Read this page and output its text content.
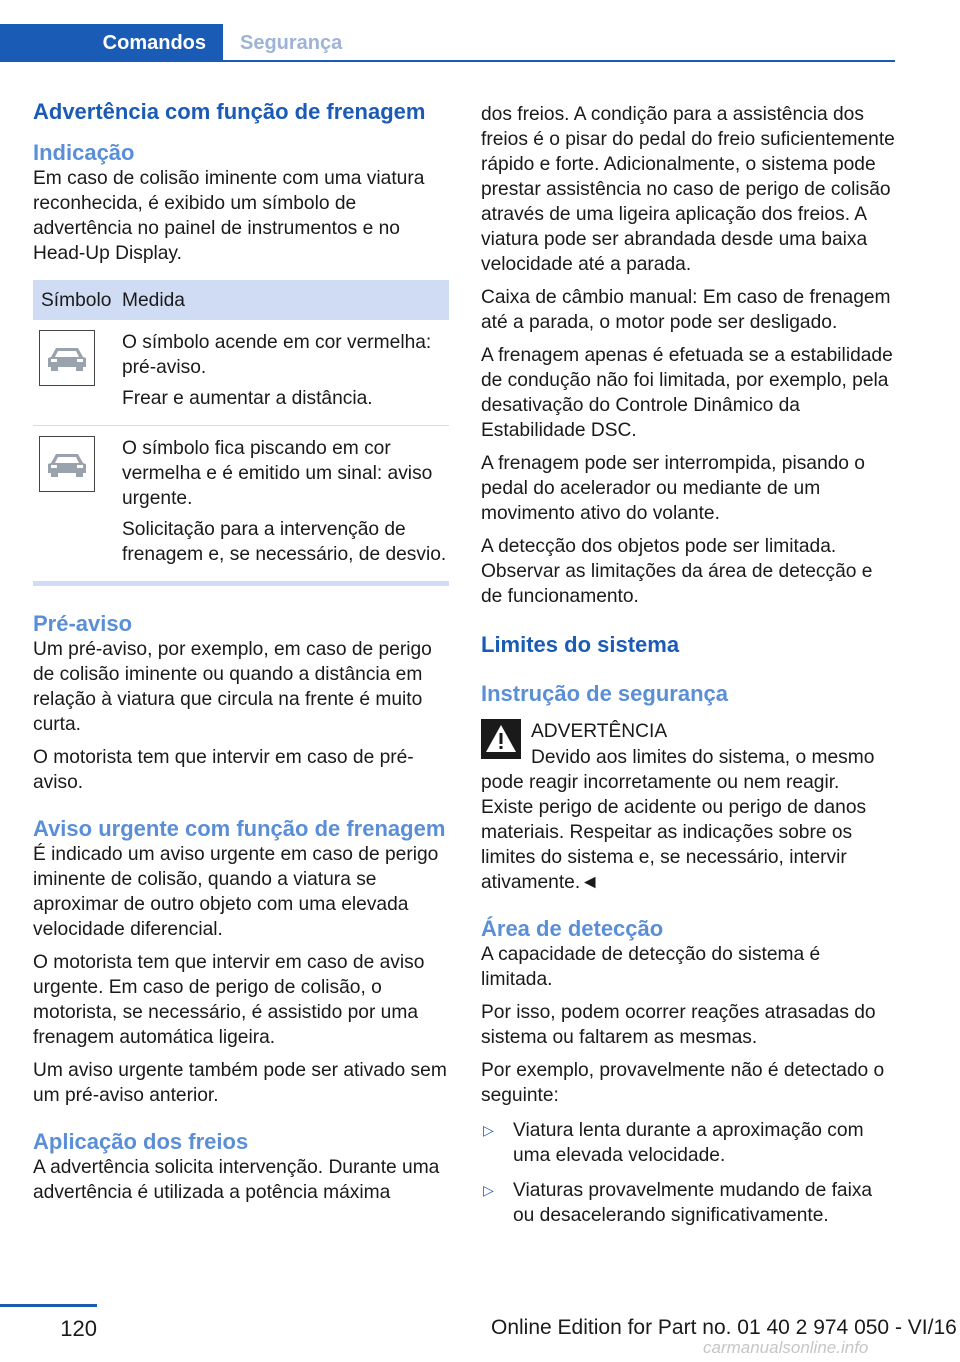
Comandos Segurança
Advertência com função de frenagem
Indicação
Em caso de colisão iminente com uma viatura reconhecida, é exibido um símbolo de advertência no painel de instrumentos e no Head-Up Display.
Símbolo Medida
O símbolo acende em cor vermelha: pré-aviso.
Frear e aumentar a distância.
O símbolo fica piscando em cor vermelha e é emitido um sinal: aviso urgente.
Solicitação para a intervenção de frenagem e, se necessário, de desvio.
Pré-aviso
Um pré-aviso, por exemplo, em caso de perigo de colisão iminente ou quando a distância em relação à viatura que circula na frente é muito curta.
O motorista tem que intervir em caso de pré-aviso.
Aviso urgente com função de frenagem
É indicado um aviso urgente em caso de perigo iminente de colisão, quando a viatura se aproximar de outro objeto com uma elevada velocidade diferencial.
O motorista tem que intervir em caso de aviso urgente. Em caso de perigo de colisão, o motorista, se necessário, é assistido por uma frenagem automática ligeira.
Um aviso urgente também pode ser ativado sem um pré-aviso anterior.
Aplicação dos freios
A advertência solicita intervenção. Durante uma advertência é utilizada a potência máxima
dos freios. A condição para a assistência dos freios é o pisar do pedal do freio suficientemente rápido e forte. Adicionalmente, o sistema pode prestar assistência no caso de perigo de colisão através de uma ligeira aplicação dos freios. A viatura pode ser abrandada desde uma baixa velocidade até a parada.
Caixa de câmbio manual: Em caso de frenagem até a parada, o motor pode ser desligado.
A frenagem apenas é efetuada se a estabilidade de condução não foi limitada, por exemplo, pela desativação do Controle Dinâmico da Estabilidade DSC.
A frenagem pode ser interrompida, pisando o pedal do acelerador ou mediante de um movimento ativo do volante.
A detecção dos objetos pode ser limitada. Observar as limitações da área de detecção e de funcionamento.
Limites do sistema
Instrução de segurança
ADVERTÊNCIA
Devido aos limites do sistema, o mesmo pode reagir incorretamente ou nem reagir. Existe perigo de acidente ou perigo de danos materiais. Respeitar as indicações sobre os limites do sistema e, se necessário, intervir ativamente.◄
Área de detecção
A capacidade de detecção do sistema é limitada.
Por isso, podem ocorrer reações atrasadas do sistema ou faltarem as mesmas.
Por exemplo, provavelmente não é detectado o seguinte:
▷	Viatura lenta durante a aproximação com uma elevada velocidade.
▷	Viaturas provavelmente mudando de faixa ou desacelerando significativamente.
120	Online Edition for Part no. 01 40 2 974 050 - VI/16
carmanualsonline.info
